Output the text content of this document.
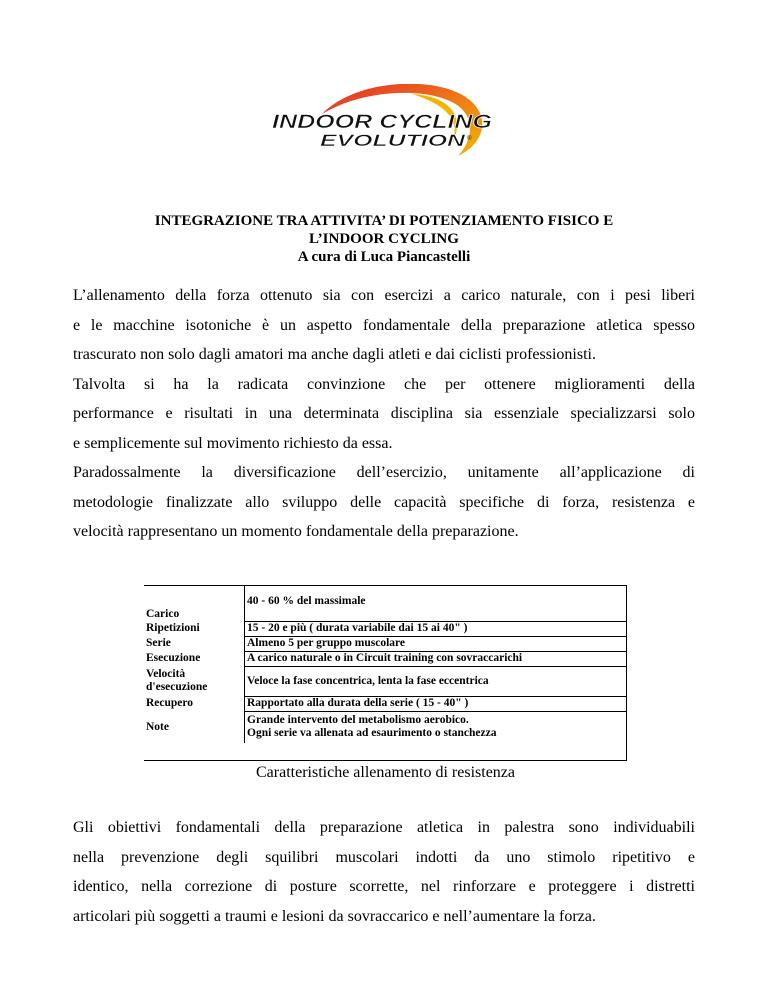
INDOOR CYCLING
EVOLUTION ®
INTEGRAZIONE TRA ATTIVITA’ DI POTENZIAMENTO FISICO E
L’INDOOR CYCLING
A cura di Luca Piancastelli
L’allenamento della forza ottenuto sia con esercizi a carico naturale, con i pesi liberi
e le macchine isotoniche è un aspetto fondamentale della preparazione atletica spesso
trascurato non solo dagli amatori ma anche dagli atleti e dai ciclisti professionisti.
Talvolta si ha la radicata convinzione che per ottenere miglioramenti della
performance e risultati in una determinata disciplina sia essenziale specializzarsi solo
e semplicemente sul movimento richiesto da essa.
Paradossalmente la diversificazione dell’esercizio, unitamente all’applicazione di
metodologie finalizzate allo sviluppo delle capacità specifiche di forza, resistenza e
velocità rappresentano un momento fondamentale della preparazione.
Carico	40 - 60 % del massimale
Ripetizioni	15 - 20 e più ( durata variabile dai 15 ai 40" )
Serie	Almeno 5 per gruppo muscolare
Esecuzione	A carico naturale o in Circuit training con sovraccarichi

Velocità
d'esecuzione	Veloce la fase concentrica, lenta la fase eccentrica
Recupero	Rapportato alla durata della serie ( 15 - 40" )
Note	Grande intervento del metabolismo aerobico.
Ogni serie va allenata ad esaurimento o stanchezza
Caratteristiche allenamento di resistenza
Gli obiettivi fondamentali della preparazione atletica in palestra sono individuabili
nella prevenzione degli squilibri muscolari indotti da uno stimolo ripetitivo e
identico, nella correzione di posture scorrette, nel rinforzare e proteggere i distretti
articolari più soggetti a traumi e lesioni da sovraccarico e nell’aumentare la forza.
